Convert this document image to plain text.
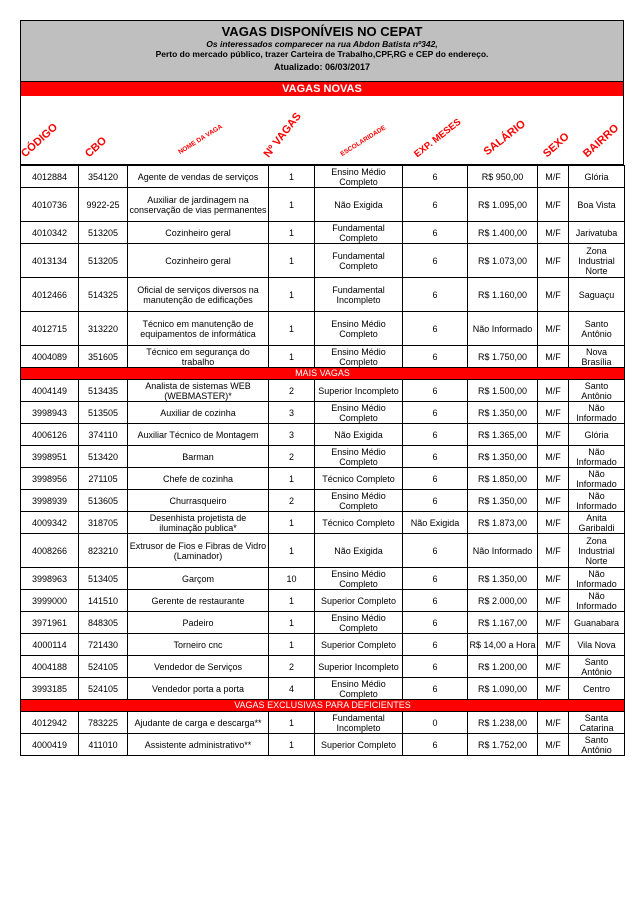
VAGAS DISPONÍVEIS NO CEPAT
Os interessados comparecer na rua Abdon Batista nº342,
Perto do mercado público, trazer Carteira de Trabalho,CPF,RG e CEP do endereço.
Atualizado: 06/03/2017
VAGAS NOVAS
CÓDIGO CBO	NOME DA VAGA	Nº VAGAS	ESCOLARIDADE	EXP. MESES SALÁRIO SEXO BAIRRO
4012884	354120	Agente de vendas de serviços	1	Ensino Médio Completo	6	R$ 950,00	M/F	Glória
4010736	9922-25	Auxiliar de jardinagem na conservação de vias permanentes	1	Não Exigida	6	R$ 1.095,00	M/F	Boa Vista
4010342	513205	Cozinheiro geral	1	Fundamental Completo	6	R$ 1.400,00	M/F	Jarivatuba
4013134	513205	Cozinheiro geral	1	Fundamental Completo	6	R$ 1.073,00	M/F	Zona Industrial Norte
4012466	514325	Oficial de serviços diversos na manutenção de edificações	1	Fundamental Incompleto	6	R$ 1.160,00	M/F	Saguaçu
4012715	313220	Técnico em manutenção de equipamentos de informática	1	Ensino Médio Completo	6	Não Informado	M/F	Santo Antônio
4004089	351605	Técnico em segurança do trabalho	1	Ensino Médio Completo	6	R$ 1.750,00	M/F	Nova Brasília
MAIS VAGAS								
4004149	513435	Analista de sistemas WEB (WEBMASTER)*	2	Superior Incompleto	6	R$ 1.500,00	M/F	Santo Antônio
3998943	513505	Auxiliar de cozinha	3	Ensino Médio Completo	6	R$ 1.350,00	M/F	Não Informado
4006126	374110	Auxiliar Técnico de Montagem	3	Não Exigida	6	R$ 1.365,00	M/F	Glória
3998951	513420	Barman	2	Ensino Médio Completo	6	R$ 1.350,00	M/F	Não Informado
3998956	271105	Chefe de cozinha	1	Técnico Completo	6	R$ 1.850,00	M/F	Não Informado
3998939	513605	Churrasqueiro	2	Ensino Médio Completo	6	R$ 1.350,00	M/F	Não Informado
4009342	318705	Desenhista projetista de iluminação publica*	1	Técnico Completo	Não Exigida	R$ 1.873,00	M/F	Anita Garibaldi
4008266	823210	Extrusor de Fios e Fibras de Vidro (Laminador)	1	Não Exigida	6	Não Informado	M/F	Zona Industrial Norte
3998963	513405	Garçom	10	Ensino Médio Completo	6	R$ 1.350,00	M/F	Não Informado
3999000	141510	Gerente de restaurante	1	Superior Completo	6	R$ 2.000,00	M/F	Não Informado
3971961	848305	Padeiro	1	Ensino Médio Completo	6	R$ 1.167,00	M/F	Guanabara
4000114	721430	Torneiro cnc	1	Superior Completo	6	R$ 14,00 a Hora	M/F	Vila Nova
4004188	524105	Vendedor de Serviços	2	Superior Incompleto	6	R$ 1.200,00	M/F	Santo Antônio
3993185	524105	Vendedor porta a porta	4	Ensino Médio Completo	6	R$ 1.090,00	M/F	Centro
VAGAS EXCLUSIVAS PARA DEFICIENTES								
4012942	783225	Ajudante de carga e descarga**	1	Fundamental Incompleto	0	R$ 1.238,00	M/F	Santa Catarina
4000419	411010	Assistente administrativo**	1	Superior Completo	6	R$ 1.752,00	M/F	Santo Antônio
